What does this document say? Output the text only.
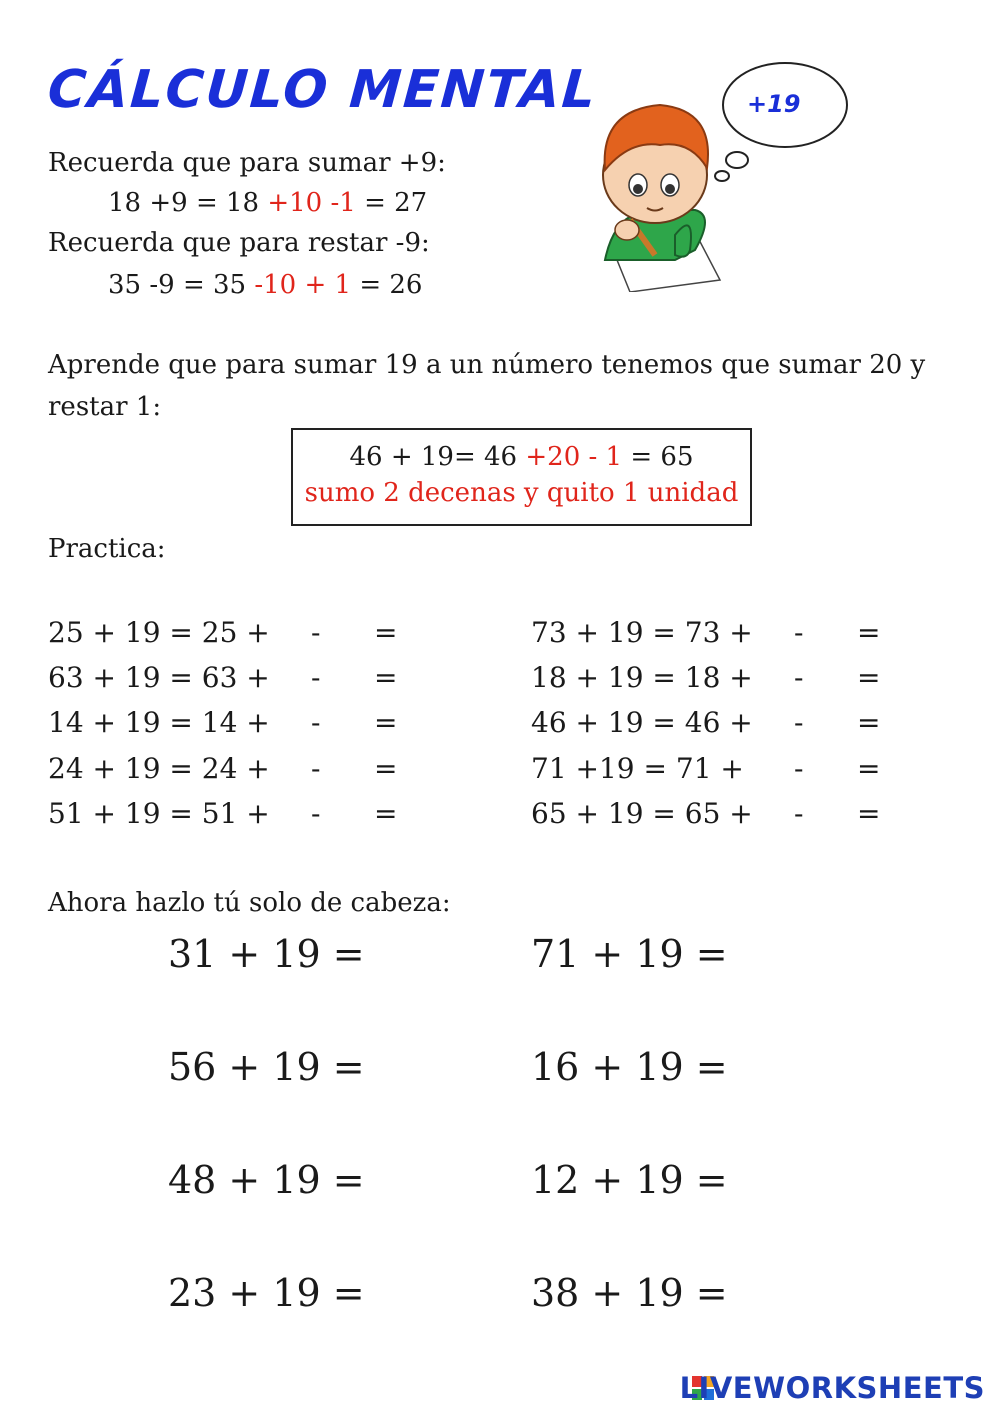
CÁLCULO MENTAL	+19
Recuerda que para sumar +9:
18 +9 = 18 +10 -1 = 27
Recuerda que para restar -9:
35 -9 = 35 -10 + 1 = 26
Aprende que para sumar 19 a un número tenemos que sumar 20 y
restar 1:
46 + 19= 46 +20 - 1 = 65
sumo 2 decenas y quito 1 unidad
Practica:
25 + 19 = 25 + - =
63 + 19 = 63 + - =
14 + 19 = 14 + - =
24 + 19 = 24 + - =
51 + 19 = 51 + - =
73 + 19 = 73 + - =
18 + 19 = 18 + - =
46 + 19 = 46 + - =
71 +19 = 71 + - =
65 + 19 = 65 + - =
Ahora hazlo tú solo de cabeza:
31 + 19 =
56 + 19 =
48 + 19 =
23 + 19 =
71 + 19 =
16 + 19 =
12 + 19 =
38 + 19 =
LIVEWORKSHEETS
